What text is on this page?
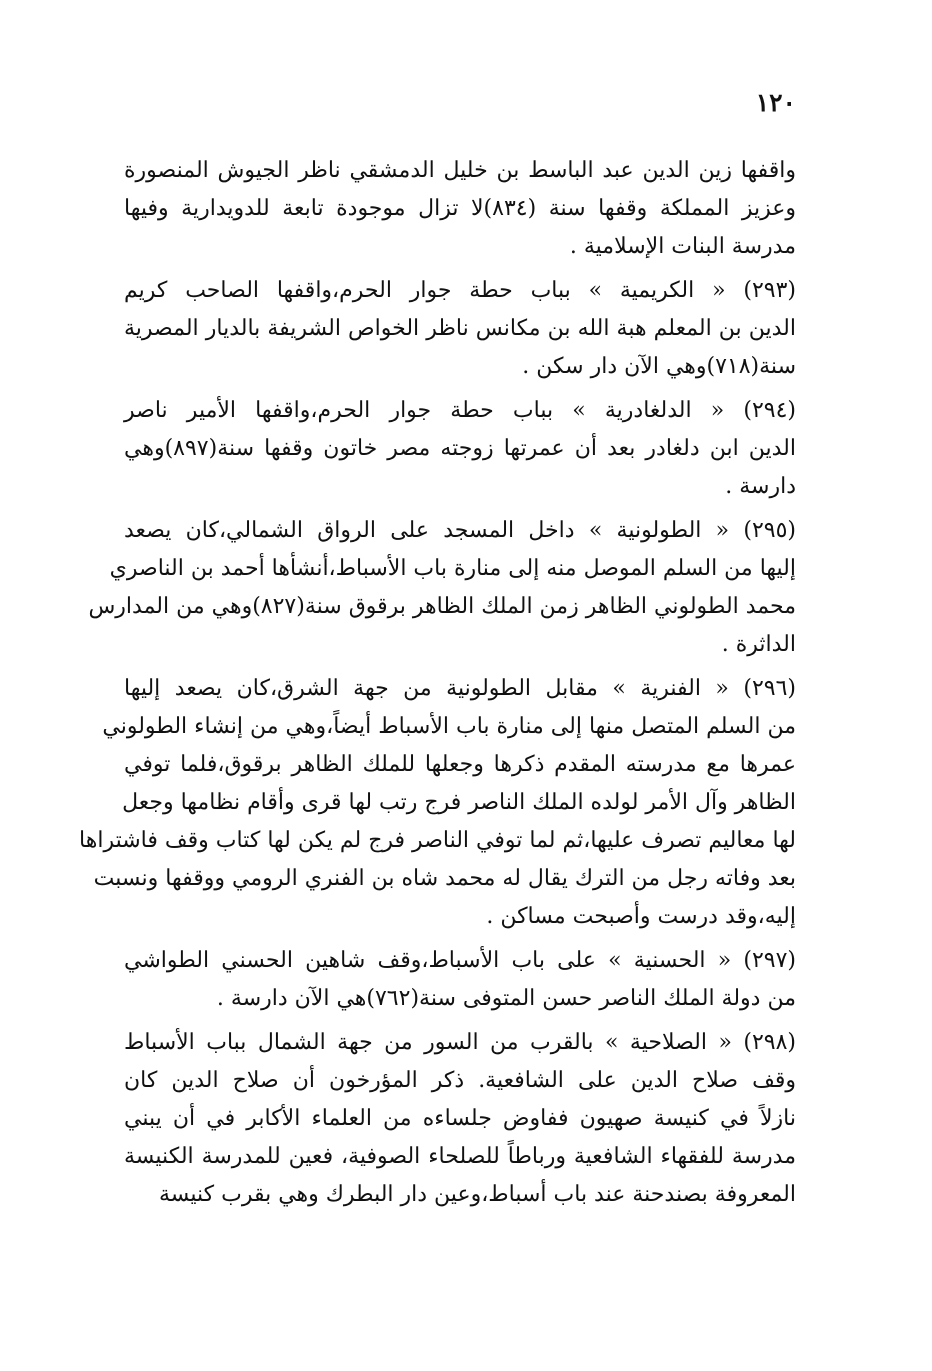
١٢٠
واقفها زين الدين عبد الباسط بن خليل الدمشقي ناظر الجيوش المنصورة
وعزيز المملكة وقفها سنة (٨٣٤)لا تزال موجودة تابعة للدويدارية وفيها
مدرسة البنات الإسلامية .
(٢٩٣) « الكريمية » بباب حطة جوار الحرم،واقفها الصاحب كريم
الدين بن المعلم هبة الله بن مكانس ناظر الخواص الشريفة بالديار المصرية
سنة(٧١٨)وهي الآن دار سكن .
(٢٩٤) « الدلغادرية » بباب حطة جوار الحرم،واقفها الأمير ناصر
الدين ابن دلغادر بعد أن عمرتها زوجته مصر خاتون وقفها سنة(٨٩٧)وهي
دارسة .
(٢٩٥) « الطولونية » داخل المسجد على الرواق الشمالي،كان يصعد
إليها من السلم الموصل منه إلى منارة باب الأسباط،أنشأها أحمد بن الناصري
محمد الطولوني الظاهر زمن الملك الظاهر برقوق سنة(٨٢٧)وهي من المدارس
الداثرة .
(٢٩٦) « الفنرية » مقابل الطولونية من جهة الشرق،كان يصعد إليها
من السلم المتصل منها إلى منارة باب الأسباط أيضاً،وهي من إنشاء الطولوني
عمرها مع مدرسته المقدم ذكرها وجعلها للملك الظاهر برقوق،فلما توفي
الظاهر وآل الأمر لولده الملك الناصر فرج رتب لها قرى وأقام نظامها وجعل
لها معاليم تصرف عليها،ثم لما توفي الناصر فرج لم يكن لها كتاب وقف فاشتراها
بعد وفاته رجل من الترك يقال له محمد شاه بن الفنري الرومي ووقفها ونسبت
إليه،وقد درست وأصبحت مساكن .
(٢٩٧) « الحسنية » على باب الأسباط،وقف شاهين الحسني الطواشي
من دولة الملك الناصر حسن المتوفى سنة(٧٦٢)هي الآن دارسة .
(٢٩٨) « الصلاحية » بالقرب من السور من جهة الشمال بباب الأسباط
وقف صلاح الدين على الشافعية. ذكر المؤرخون أن صلاح الدين كان
نازلاً في كنيسة صهيون ففاوض جلساءه من العلماء الأكابر في أن يبني
مدرسة للفقهاء الشافعية ورباطاً للصلحاء الصوفية، فعين للمدرسة الكنيسة
المعروفة بصندحنة عند باب أسباط،وعين دار البطرك وهي بقرب كنيسة
